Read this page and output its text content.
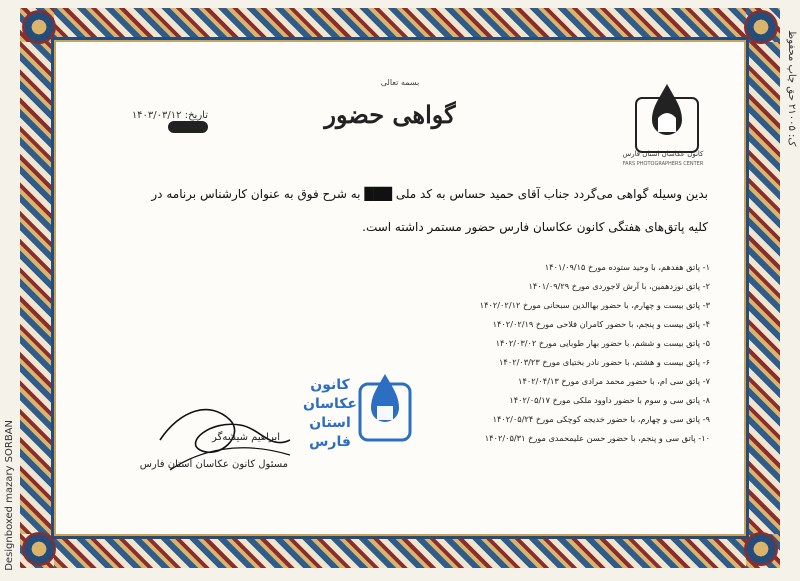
Designboxed mazary SORBAN
ک: ۲۱۰۰۵ حق چاپ محفوظ
بسمه تعالی
گواهی حضور
تاریخ: ۱۴۰۳/۰۳/۱۲
کانون عکاسان استان فارس
FARS PHOTOGRAPHERS CENTER
بدین وسیله گواهی می‌گردد جناب آقای حمید حساس به کد ملی ███ به شرح فوق به عنوان کارشناس برنامه در
کلیه پاتق‌های هفتگی کانون عکاسان فارس حضور مستمر داشته است.
۱- پاتق هفدهم، با وحید ستوده مورخ ۱۴۰۱/۰۹/۱۵
۲- پاتق نوزدهمین، با آرش لاجوردی مورخ ۱۴۰۱/۰۹/۲۹
۳- پاتق بیست و چهارم، با حضور بهاالدین سبحانی مورخ ۱۴۰۲/۰۲/۱۲
۴- پاتق بیست و پنجم، با حضور کامران فلاحی مورخ ۱۴۰۲/۰۲/۱۹
۵- پاتق بیست و ششم، با حضور بهار طوبایی مورخ ۱۴۰۲/۰۳/۰۲
۶- پاتق بیست و هشتم، با حضور نادر بختیای مورخ ۱۴۰۲/۰۳/۲۳
۷- پاتق سی‌ ام، با حضور محمد مرادی مورخ ۱۴۰۲/۰۴/۱۳
۸- پاتق سی و سوم با حضور داوود ملکی مورخ ۱۴۰۲/۰۵/۱۷
۹- پاتق سی و چهارم، با حضور خدیجه کوچکی مورخ ۱۴۰۲/۰۵/۲۴
۱۰- پاتق سی و پنجم، با حضور حسن علیمحمدی مورخ ۱۴۰۲/۰۵/۳۱
کانون عکاسان استان فارس
ابراهیم شیشه‌گر
مسئول کانون عکاسان استان فارس
